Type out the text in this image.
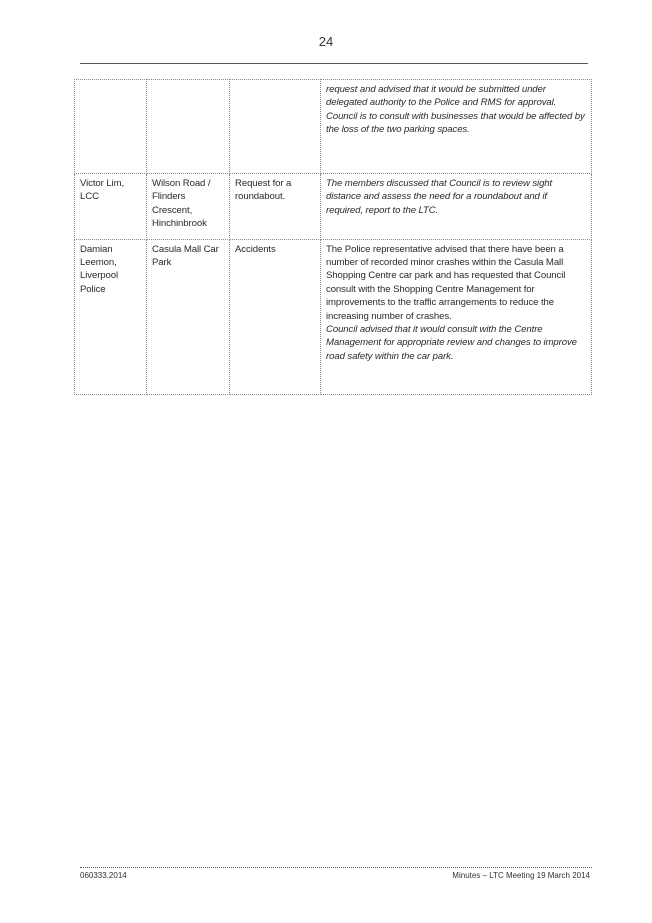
24

			request and advised that it would be submitted under delegated authority to the Police and RMS for approval.
Council is to consult with businesses that would be affected by the loss of the two parking spaces.

Victor Lim, LCC	Wilson Road / Flinders Crescent, Hinchinbrook	Request for a roundabout.	The members discussed that Council is to review sight distance and assess the need for a roundabout and if required, report to the LTC.

Damian Leemon, Liverpool Police	Casula Mall Car Park	Accidents	The Police representative advised that there have been a number of recorded minor crashes within the Casula Mall Shopping Centre car park and has requested that Council consult with the Shopping Centre Management for improvements to the traffic arrangements to reduce the increasing number of crashes.
Council advised that it would consult with the Centre Management for appropriate review and changes to improve road safety within the car park.
060333.2014	Minutes – LTC Meeting 19 March 2014
